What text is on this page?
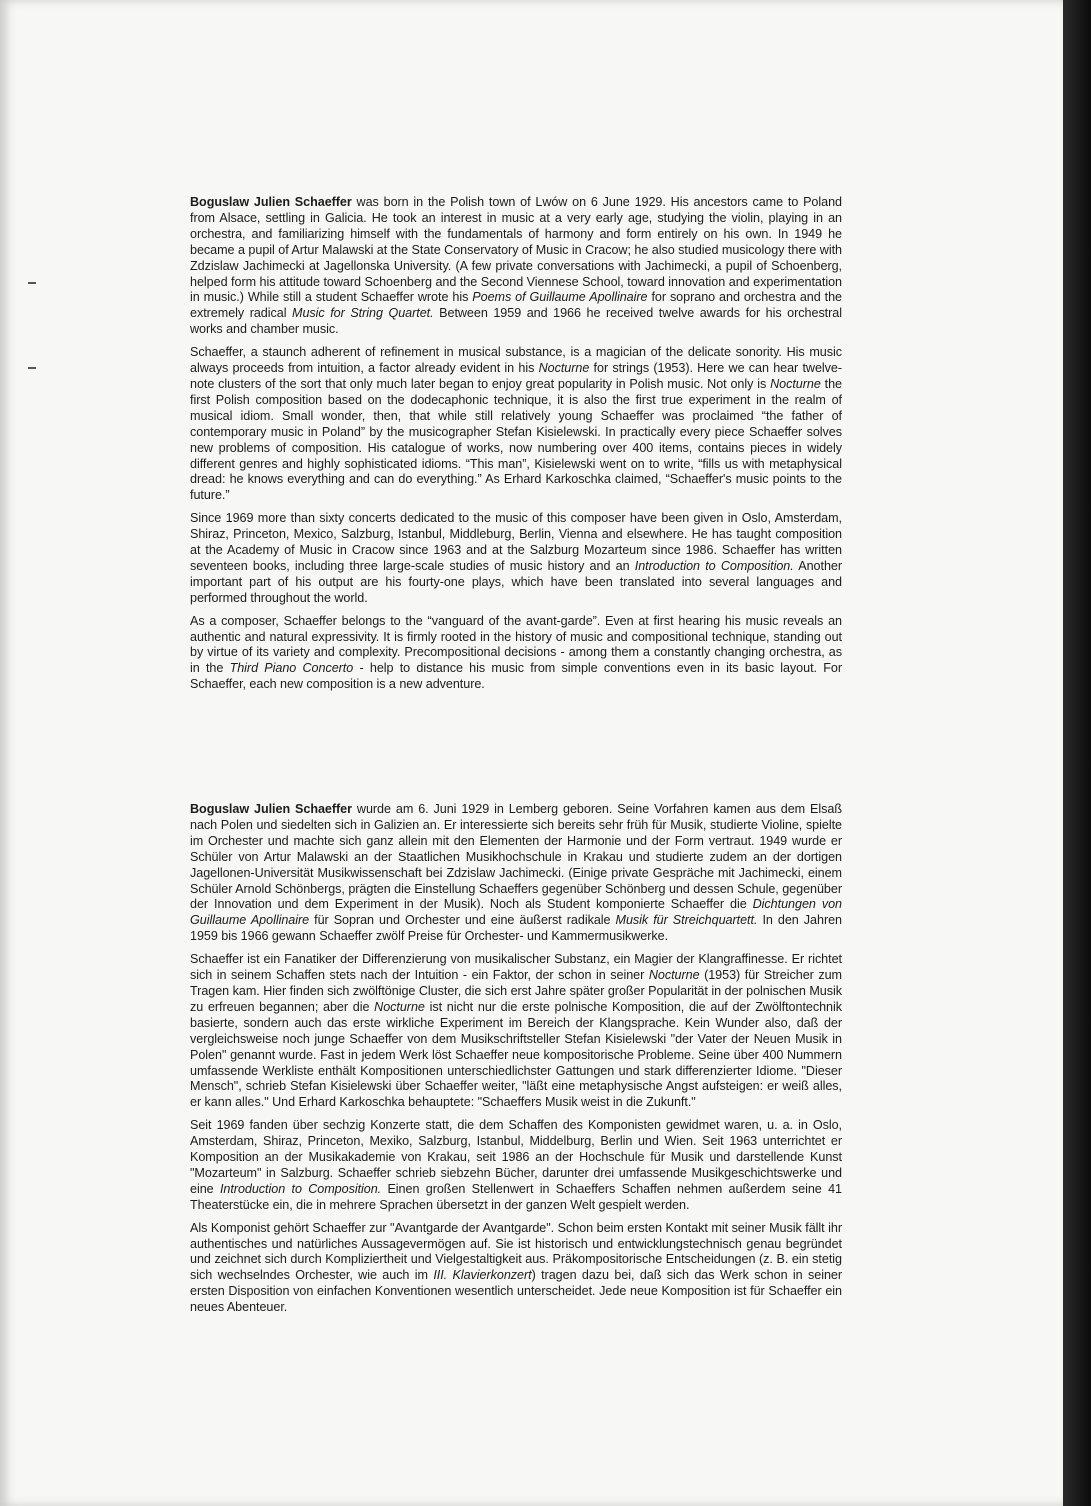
Boguslaw Julien Schaeffer was born in the Polish town of Lwów on 6 June 1929. His ancestors came to Poland from Alsace, settling in Galicia. He took an interest in music at a very early age, studying the violin, playing in an orchestra, and familiarizing himself with the fundamentals of harmony and form entirely on his own. In 1949 he became a pupil of Artur Malawski at the State Conservatory of Music in Cracow; he also studied musicology there with Zdzislaw Jachimecki at Jagellonska University. (A few private conversations with Jachimecki, a pupil of Schoenberg, helped form his attitude toward Schoenberg and the Second Viennese School, toward innovation and experimentation in music.) While still a student Schaeffer wrote his Poems of Guillaume Apollinaire for soprano and orchestra and the extremely radical Music for String Quartet. Between 1959 and 1966 he received twelve awards for his orchestral works and chamber music.

Schaeffer, a staunch adherent of refinement in musical substance, is a magician of the delicate sonority. His music always proceeds from intuition, a factor already evident in his Nocturne for strings (1953). Here we can hear twelve-note clusters of the sort that only much later began to enjoy great popularity in Polish music. Not only is Nocturne the first Polish composition based on the dodecaphonic technique, it is also the first true experiment in the realm of musical idiom. Small wonder, then, that while still relatively young Schaeffer was proclaimed “the father of contemporary music in Poland” by the musicographer Stefan Kisielewski. In practically every piece Schaeffer solves new problems of composition. His catalogue of works, now numbering over 400 items, contains pieces in widely different genres and highly sophisticated idioms. “This man”, Kisielewski went on to write, “fills us with metaphysical dread: he knows everything and can do everything.” As Erhard Karkoschka claimed, “Schaeffer's music points to the future.”

Since 1969 more than sixty concerts dedicated to the music of this composer have been given in Oslo, Amsterdam, Shiraz, Princeton, Mexico, Salzburg, Istanbul, Middleburg, Berlin, Vienna and elsewhere. He has taught composition at the Academy of Music in Cracow since 1963 and at the Salzburg Mozarteum since 1986. Schaeffer has written seventeen books, including three large-scale studies of music history and an Introduction to Composition. Another important part of his output are his fourty-one plays, which have been translated into several languages and performed throughout the world.

As a composer, Schaeffer belongs to the “vanguard of the avant-garde”. Even at first hearing his music reveals an authentic and natural expressivity. It is firmly rooted in the history of music and compositional technique, standing out by virtue of its variety and complexity. Precompositional decisions - among them a constantly changing orchestra, as in the Third Piano Concerto - help to distance his music from simple conventions even in its basic layout. For Schaeffer, each new composition is a new adventure.

Boguslaw Julien Schaeffer wurde am 6. Juni 1929 in Lemberg geboren. Seine Vorfahren kamen aus dem Elsaß nach Polen und siedelten sich in Galizien an. Er interessierte sich bereits sehr früh für Musik, studierte Violine, spielte im Orchester und machte sich ganz allein mit den Elementen der Harmonie und der Form vertraut. 1949 wurde er Schüler von Artur Malawski an der Staatlichen Musikhochschule in Krakau und studierte zudem an der dortigen Jagellonen-Universität Musikwissenschaft bei Zdzislaw Jachimecki. (Einige private Gespräche mit Jachimecki, einem Schüler Arnold Schönbergs, prägten die Einstellung Schaeffers gegenüber Schönberg und dessen Schule, gegenüber der Innovation und dem Experiment in der Musik). Noch als Student komponierte Schaeffer die Dichtungen von Guillaume Apollinaire für Sopran und Orchester und eine äußerst radikale Musik für Streichquartett. In den Jahren 1959 bis 1966 gewann Schaeffer zwölf Preise für Orchester- und Kammermusikwerke.

Schaeffer ist ein Fanatiker der Differenzierung von musikalischer Substanz, ein Magier der Klangraffinesse. Er richtet sich in seinem Schaffen stets nach der Intuition - ein Faktor, der schon in seiner Nocturne (1953) für Streicher zum Tragen kam. Hier finden sich zwölftönige Cluster, die sich erst Jahre später großer Popularität in der polnischen Musik zu erfreuen begannen; aber die Nocturne ist nicht nur die erste polnische Komposition, die auf der Zwölftontechnik basierte, sondern auch das erste wirkliche Experiment im Bereich der Klangsprache. Kein Wunder also, daß der vergleichsweise noch junge Schaeffer von dem Musikschriftsteller Stefan Kisielewski "der Vater der Neuen Musik in Polen" genannt wurde. Fast in jedem Werk löst Schaeffer neue kompositorische Probleme. Seine über 400 Nummern umfassende Werkliste enthält Kompositionen unterschiedlichster Gattungen und stark differenzierter Idiome. "Dieser Mensch", schrieb Stefan Kisielewski über Schaeffer weiter, "läßt eine metaphysische Angst aufsteigen: er weiß alles, er kann alles." Und Erhard Karkoschka behauptete: "Schaeffers Musik weist in die Zukunft."

Seit 1969 fanden über sechzig Konzerte statt, die dem Schaffen des Komponisten gewidmet waren, u. a. in Oslo, Amsterdam, Shiraz, Princeton, Mexiko, Salzburg, Istanbul, Middelburg, Berlin und Wien. Seit 1963 unterrichtet er Komposition an der Musikakademie von Krakau, seit 1986 an der Hochschule für Musik und darstellende Kunst "Mozarteum" in Salzburg. Schaeffer schrieb siebzehn Bücher, darunter drei umfassende Musikgeschichtswerke und eine Introduction to Composition. Einen großen Stellenwert in Schaeffers Schaffen nehmen außerdem seine 41 Theaterstücke ein, die in mehrere Sprachen übersetzt in der ganzen Welt gespielt werden.

Als Komponist gehört Schaeffer zur "Avantgarde der Avantgarde". Schon beim ersten Kontakt mit seiner Musik fällt ihr authentisches und natürliches Aussagevermögen auf. Sie ist historisch und entwicklungstechnisch genau begründet und zeichnet sich durch Kompliziertheit und Vielgestaltigkeit aus. Präkompositorische Entscheidungen (z. B. ein stetig sich wechselndes Orchester, wie auch im III. Klavierkonzert) tragen dazu bei, daß sich das Werk schon in seiner ersten Disposition von einfachen Konventionen wesentlich unterscheidet. Jede neue Komposition ist für Schaeffer ein neues Abenteuer.
